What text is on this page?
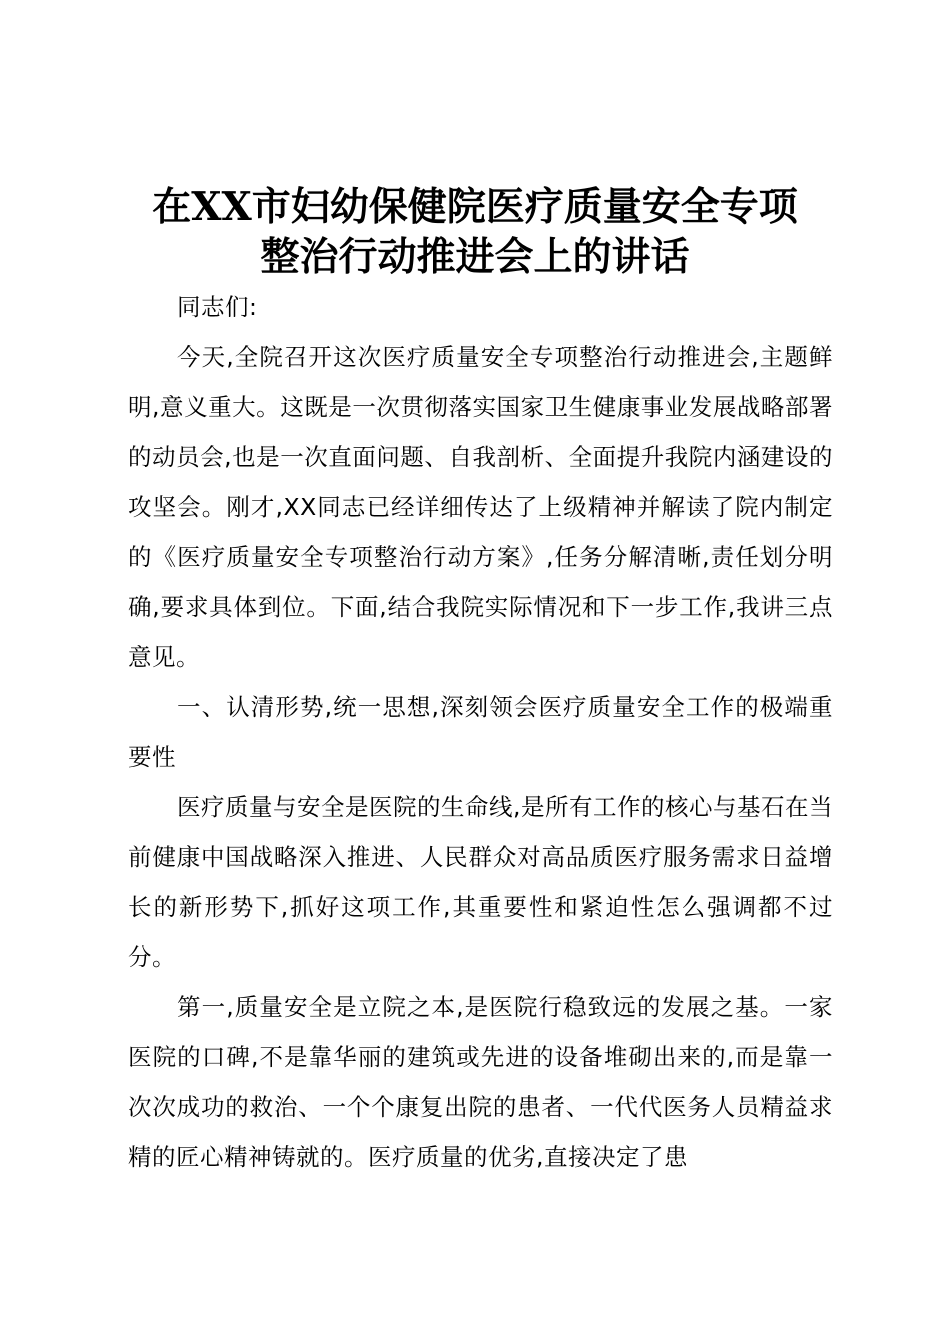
在XX市妇幼保健院医疗质量安全专项
整治行动推进会上的讲话

同志们:

今天,全院召开这次医疗质量安全专项整治行动推进会,主题鲜明,意义重大。这既是一次贯彻落实国家卫生健康事业发展战略部署的动员会,也是一次直面问题、自我剖析、全面提升我院内涵建设的攻坚会。刚才,XX同志已经详细传达了上级精神并解读了院内制定的《医疗质量安全专项整治行动方案》,任务分解清晰,责任划分明确,要求具体到位。下面,结合我院实际情况和下一步工作,我讲三点意见。

一、认清形势,统一思想,深刻领会医疗质量安全工作的极端重要性

医疗质量与安全是医院的生命线,是所有工作的核心与基石在当前健康中国战略深入推进、人民群众对高品质医疗服务需求日益增长的新形势下,抓好这项工作,其重要性和紧迫性怎么强调都不过分。

第一,质量安全是立院之本,是医院行稳致远的发展之基。一家医院的口碑,不是靠华丽的建筑或先进的设备堆砌出来的,而是靠一次次成功的救治、一个个康复出院的患者、一代代医务人员精益求精的匠心精神铸就的。医疗质量的优劣,直接决定了患
